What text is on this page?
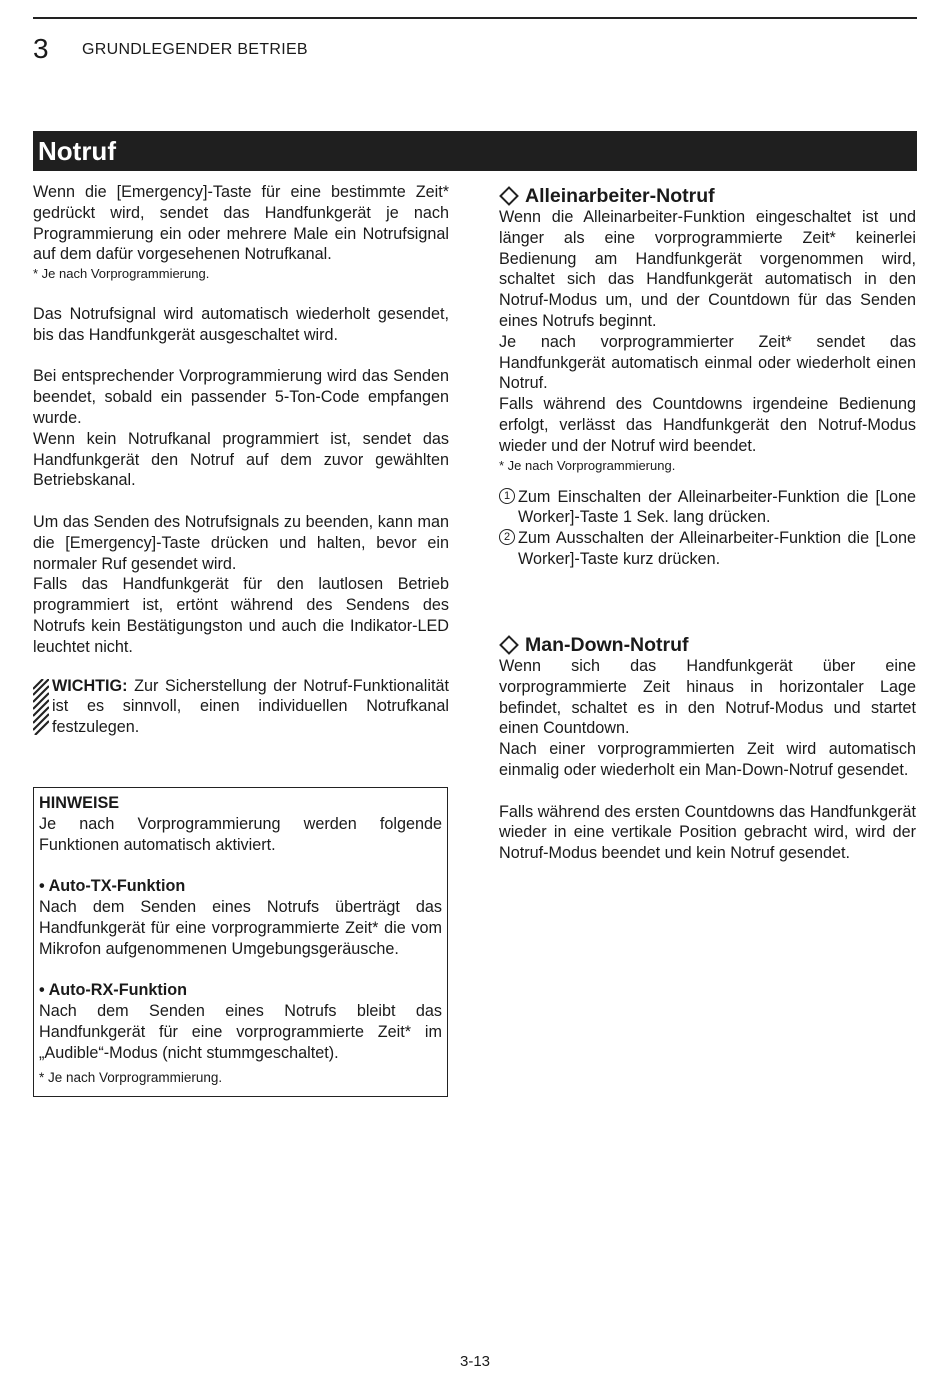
3 GRUNDLEGENDER BETRIEB
Notruf

Wenn die [Emergency]-Taste für eine bestimmte Zeit* gedrückt wird, sendet das Handfunkgerät je nach Programmierung ein oder mehrere Male ein Notrufsignal auf dem dafür vorgesehenen Notrufkanal.

* Je nach Vorprogrammierung.

Das Notrufsignal wird automatisch wiederholt gesendet, bis das Handfunkgerät ausgeschaltet wird.

Bei entsprechender Vorprogrammierung wird das Senden beendet, sobald ein passender 5-Ton-Code empfangen wurde.

Wenn kein Notrufkanal programmiert ist, sendet das Handfunkgerät den Notruf auf dem zuvor gewählten Betriebskanal.

Um das Senden des Notrufsignals zu beenden, kann man die [Emergency]-Taste drücken und halten, bevor ein normaler Ruf gesendet wird.

Falls das Handfunkgerät für den lautlosen Betrieb programmiert ist, ertönt während des Sendens des Notrufs kein Bestätigungston und auch die Indikator-LED leuchtet nicht.

WICHTIG: Zur Sicherstellung der Notruf-Funktionalität ist es sinnvoll, einen individuellen Notrufkanal festzulegen.

HINWEISE

Je nach Vorprogrammierung werden folgende Funktionen automatisch aktiviert.

• Auto-TX-Funktion

Nach dem Senden eines Notrufs überträgt das Handfunkgerät für eine vorprogrammierte Zeit* die vom Mikrofon aufgenommenen Umgebungsgeräusche.

• Auto-RX-Funktion

Nach dem Senden eines Notrufs bleibt das Handfunkgerät für eine vorprogrammierte Zeit* im „Audible“-Modus (nicht stummgeschaltet).

* Je nach Vorprogrammierung.

Alleinarbeiter-Notruf

Wenn die Alleinarbeiter-Funktion eingeschaltet ist und länger als eine vorprogrammierte Zeit* keinerlei Bedienung am Handfunkgerät vorgenommen wird, schaltet sich das Handfunkgerät automatisch in den Notruf-Modus um, und der Countdown für das Senden eines Notrufs beginnt.

Je nach vorprogrammierter Zeit* sendet das Handfunkgerät automatisch einmal oder wiederholt einen Notruf.

Falls während des Countdowns irgendeine Bedienung erfolgt, verlässt das Handfunkgerät den Notruf-Modus wieder und der Notruf wird beendet.

* Je nach Vorprogrammierung.

1 Zum Einschalten der Alleinarbeiter-Funktion die [Lone Worker]-Taste 1 Sek. lang drücken.

2 Zum Ausschalten der Alleinarbeiter-Funktion die [Lone Worker]-Taste kurz drücken.

Man-Down-Notruf

Wenn sich das Handfunkgerät über eine vorprogrammierte Zeit hinaus in horizontaler Lage befindet, schaltet es in den Notruf-Modus und startet einen Countdown.

Nach einer vorprogrammierten Zeit wird automatisch einmalig oder wiederholt ein Man-Down-Notruf gesendet.

Falls während des ersten Countdowns das Handfunkgerät wieder in eine vertikale Position gebracht wird, wird der Notruf-Modus beendet und kein Notruf gesendet.

3-13
